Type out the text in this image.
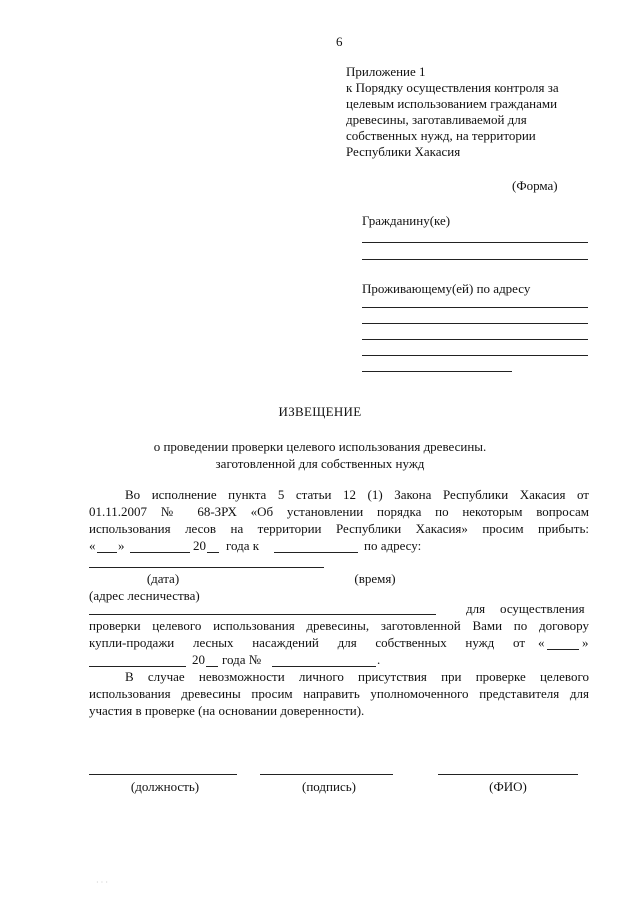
6
Приложение 1
к Порядку осуществления контроля за
целевым использованием гражданами
древесины, заготавливаемой для
собственных нужд, на территории
Республики Хакасия
(Форма)
Гражданину(ке)
Проживающему(ей) по адресу
ИЗВЕЩЕНИЕ
о проведении проверки целевого использования древесины.
заготовленной для собственных нужд
Во исполнение пункта 5 статьи 12 (1) Закона Республики Хакасия от
01.11.2007 № 68-ЗРХ «Об установлении порядка по некоторым вопросам
использования лесов на территории Республики Хакасия» просим прибыть:
« »	20 года к	по адресу:
(дата)	(время)
(адрес лесничества)
для осуществления
проверки целевого использования древесины, заготовленной Вами по договору
купли-продажи лесных насаждений для собственных нужд от «	»
20 года №	.
В случае невозможности личного присутствия при проверке целевого
использования древесины просим направить уполномоченного представителя для
участия в проверке (на основании доверенности).
(должность)	(подпись)	(ФИО)
· · ·
